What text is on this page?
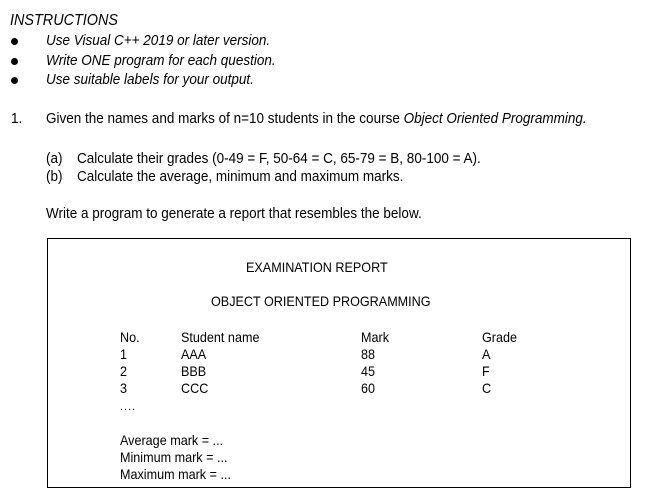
INSTRUCTIONS
Use Visual C++ 2019 or later version.
Write ONE program for each question.
Use suitable labels for your output.
1. Given the names and marks of n=10 students in the course Object Oriented Programming.
(a) Calculate their grades (0-49 = F, 50-64 = C, 65-79 = B, 80-100 = A).
(b) Calculate the average, minimum and maximum marks.
Write a program to generate a report that resembles the below.
EXAMINATION REPORT
OBJECT ORIENTED PROGRAMMING
No.	Student name	Mark	Grade
1	AAA	88	A
2	BBB	45	F
3	CCC	60	C
....
Average mark = ...
Minimum mark = ...
Maximum mark = ...
